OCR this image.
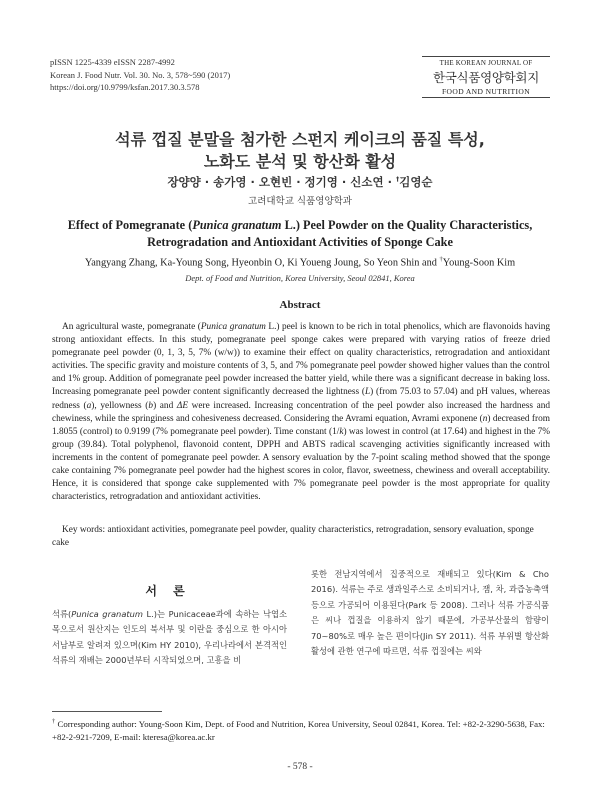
pISSN 1225-4339 eISSN 2287-4992
Korean J. Food Nutr. Vol. 30. No. 3, 578~590 (2017)
https://doi.org/10.9799/ksfan.2017.30.3.578
THE KOREAN JOURNAL OF
한국식품영양학회지
FOOD AND NUTRITION
석류 껍질 분말을 첨가한 스펀지 케이크의 품질 특성,
노화도 분석 및 항산화 활성
장양양 · 송가영 · 오현빈 · 정기영 · 신소연 · †김영순
고려대학교 식품영양학과
Effect of Pomegranate (Punica granatum L.) Peel Powder on the Quality Characteristics,
Retrogradation and Antioxidant Activities of Sponge Cake
Yangyang Zhang, Ka-Young Song, Hyeonbin O, Ki Youeng Joung, So Yeon Shin and †Young-Soon Kim
Dept. of Food and Nutrition, Korea University, Seoul 02841, Korea
Abstract

An agricultural waste, pomegranate (Punica granatum L.) peel is known to be rich in total phenolics, which are flavonoids having strong antioxidant effects. In this study, pomegranate peel sponge cakes were prepared with varying ratios of freeze dried pomegranate peel powder (0, 1, 3, 5, 7% (w/w)) to examine their effect on quality characteristics, retrogradation and antioxidant activities. The specific gravity and moisture contents of 3, 5, and 7% pomegranate peel powder showed higher values than the control and 1% group. Addition of pomegranate peel powder increased the batter yield, while there was a significant decrease in baking loss. Increasing pomegranate peel powder content significantly decreased the lightness (L) (from 75.03 to 57.04) and pH values, whereas redness (a), yellowness (b) and ΔE were increased. Increasing concentration of the peel powder also increased the hardness and chewiness, while the springiness and cohesiveness decreased. Considering the Avrami equation, Avrami exponene (n) decreased from 1.8055 (control) to 0.9199 (7% pomegranate peel powder). Time constant (1/k) was lowest in control (at 17.64) and highest in the 7% group (39.84). Total polyphenol, flavonoid content, DPPH and ABTS radical scavenging activities significantly increased with increments in the content of pomegranate peel powder. A sensory evaluation by the 7-point scaling method showed that the sponge cake containing 7% pomegranate peel powder had the highest scores in color, flavor, sweetness, chewiness and overall acceptability. Hence, it is considered that sponge cake supplemented with 7% pomegranate peel powder is the most appropriate for quality characteristics, retrogradation and antioxidant activities.

Key words: antioxidant activities, pomegranate peel powder, quality characteristics, retrogradation, sensory evaluation, sponge cake
서 론

석류(Punica granatum L.)는 Punicaceae과에 속하는 낙엽소목으로서 원산지는 인도의 북서부 및 이란을 중심으로 한 아시아 서남부로 알려져 있으며(Kim HY 2010), 우리나라에서 본격적인 석류의 재배는 2000년부터 시작되었으며, 고흥을 비

롯한 전남지역에서 집중적으로 재배되고 있다(Kim & Cho 2016). 석류는 주로 생과일주스로 소비되거나, 잼, 차, 과즙농축액 등으로 가공되어 이용된다(Park 등 2008). 그러나 석류 가공식품은 씨나 껍질을 이용하지 않기 때문에, 가공부산물의 함량이 70~80%로 매우 높은 편이다(Jin SY 2011). 석류 부위별 항산화 활성에 관한 연구에 따르면, 석류 껍질에는 씨와

† Corresponding author: Young-Soon Kim, Dept. of Food and Nutrition, Korea University, Seoul 02841, Korea. Tel: +82-2-3290-5638, Fax: +82-2-921-7209, E-mail: kteresa@korea.ac.kr
- 578 -
